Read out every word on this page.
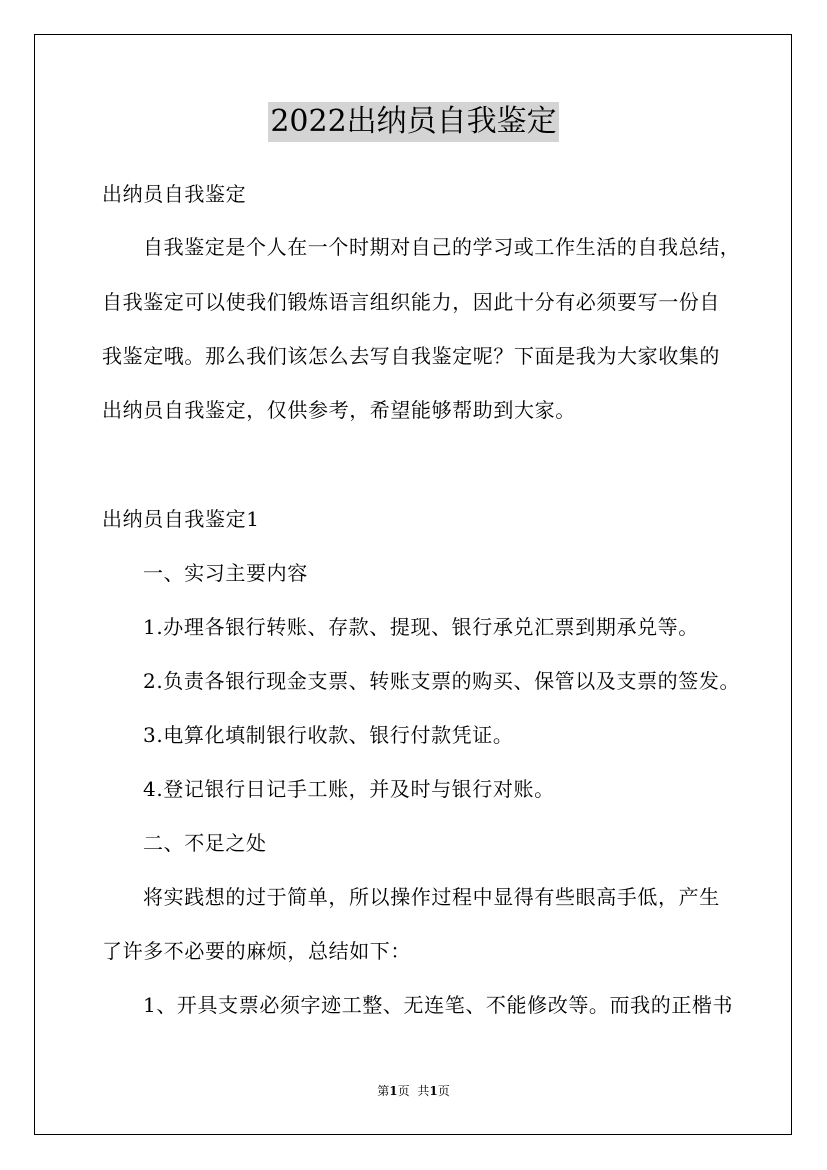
2022出纳员自我鉴定
出纳员自我鉴定
自我鉴定是个人在一个时期对自己的学习或工作生活的自我总结，
自我鉴定可以使我们锻炼语言组织能力，因此十分有必须要写一份自
我鉴定哦。那么我们该怎么去写自我鉴定呢？下面是我为大家收集的
出纳员自我鉴定，仅供参考，希望能够帮助到大家。
出纳员自我鉴定1
一、实习主要内容
1.办理各银行转账、存款、提现、银行承兑汇票到期承兑等。
2.负责各银行现金支票、转账支票的购买、保管以及支票的签发。
3.电算化填制银行收款、银行付款凭证。
4.登记银行日记手工账，并及时与银行对账。
二、不足之处
将实践想的过于简单，所以操作过程中显得有些眼高手低，产生
了许多不必要的麻烦，总结如下：
1、开具支票必须字迹工整、无连笔、不能修改等。而我的正楷书
第1页 共1页
